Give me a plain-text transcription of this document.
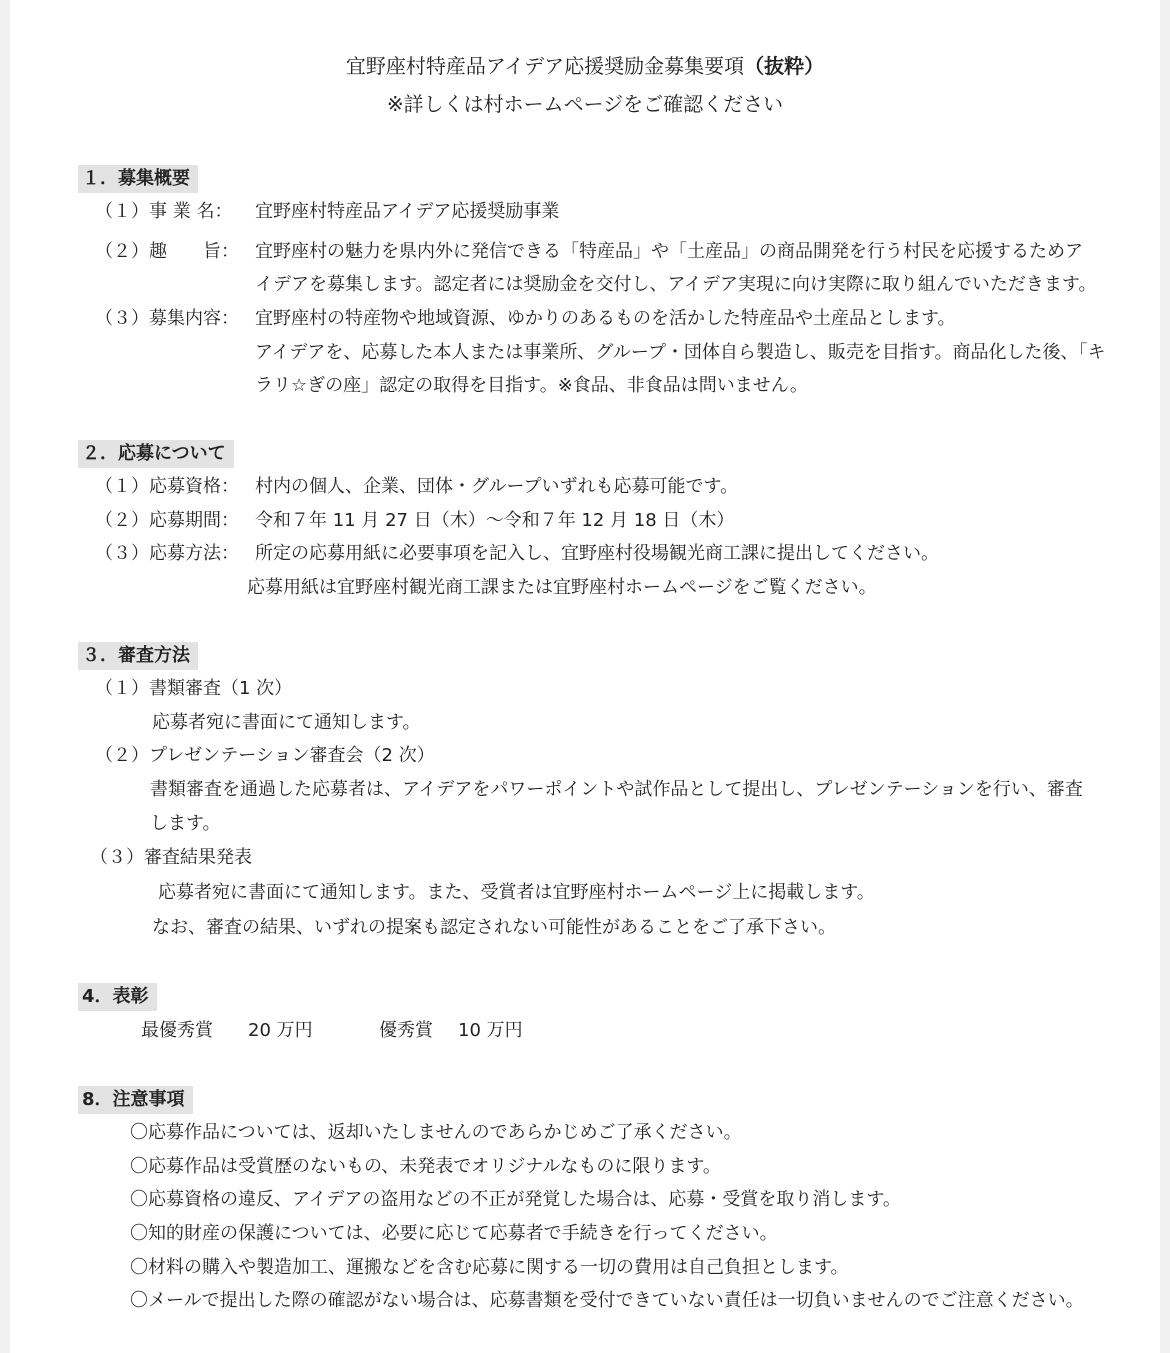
宜野座村特産品アイデア応援奨励金募集要項（抜粋）
※詳しくは村ホームページをご確認ください
１．募集概要
（１）事 業 名： 宜野座村特産品アイデア応援奨励事業
（２）趣　　旨： 宜野座村の魅力を県内外に発信できる「特産品」や「土産品」の商品開発を行う村民を応援するためア
イデアを募集します。認定者には奨励金を交付し、アイデア実現に向け実際に取り組んでいただきます。
（３）募集内容： 宜野座村の特産物や地域資源、ゆかりのあるものを活かした特産品や土産品とします。
アイデアを、応募した本人または事業所、グループ・団体自ら製造し、販売を目指す。商品化した後、「キ
ラリ☆ぎの座」認定の取得を目指す。※食品、非食品は問いません。
２．応募について
（１）応募資格： 村内の個人、企業、団体・グループいずれも応募可能です。
（２）応募期間： 令和７年 11 月 27 日（木）～令和７年 12 月 18 日（木）
（３）応募方法： 所定の応募用紙に必要事項を記入し、宜野座村役場観光商工課に提出してください。
応募用紙は宜野座村観光商工課または宜野座村ホームページをご覧ください。
３．審査方法
（１）書類審査（1 次）
応募者宛に書面にて通知します。
（２）プレゼンテーション審査会（2 次）
書類審査を通過した応募者は、アイデアをパワーポイントや試作品として提出し、プレゼンテーションを行い、審査
します。
（３）審査結果発表
応募者宛に書面にて通知します。また、受賞者は宜野座村ホームページ上に掲載します。
なお、審査の結果、いずれの提案も認定されない可能性があることをご了承下さい。
4．表彰
最優秀賞 20 万円	優秀賞 10 万円
8．注意事項
〇応募作品については、返却いたしませんのであらかじめご了承ください。
〇応募作品は受賞歴のないもの、未発表でオリジナルなものに限ります。
〇応募資格の違反、アイデアの盗用などの不正が発覚した場合は、応募・受賞を取り消します。
〇知的財産の保護については、必要に応じて応募者で手続きを行ってください。
〇材料の購入や製造加工、運搬などを含む応募に関する一切の費用は自己負担とします。
〇メールで提出した際の確認がない場合は、応募書類を受付できていない責任は一切負いませんのでご注意ください。
